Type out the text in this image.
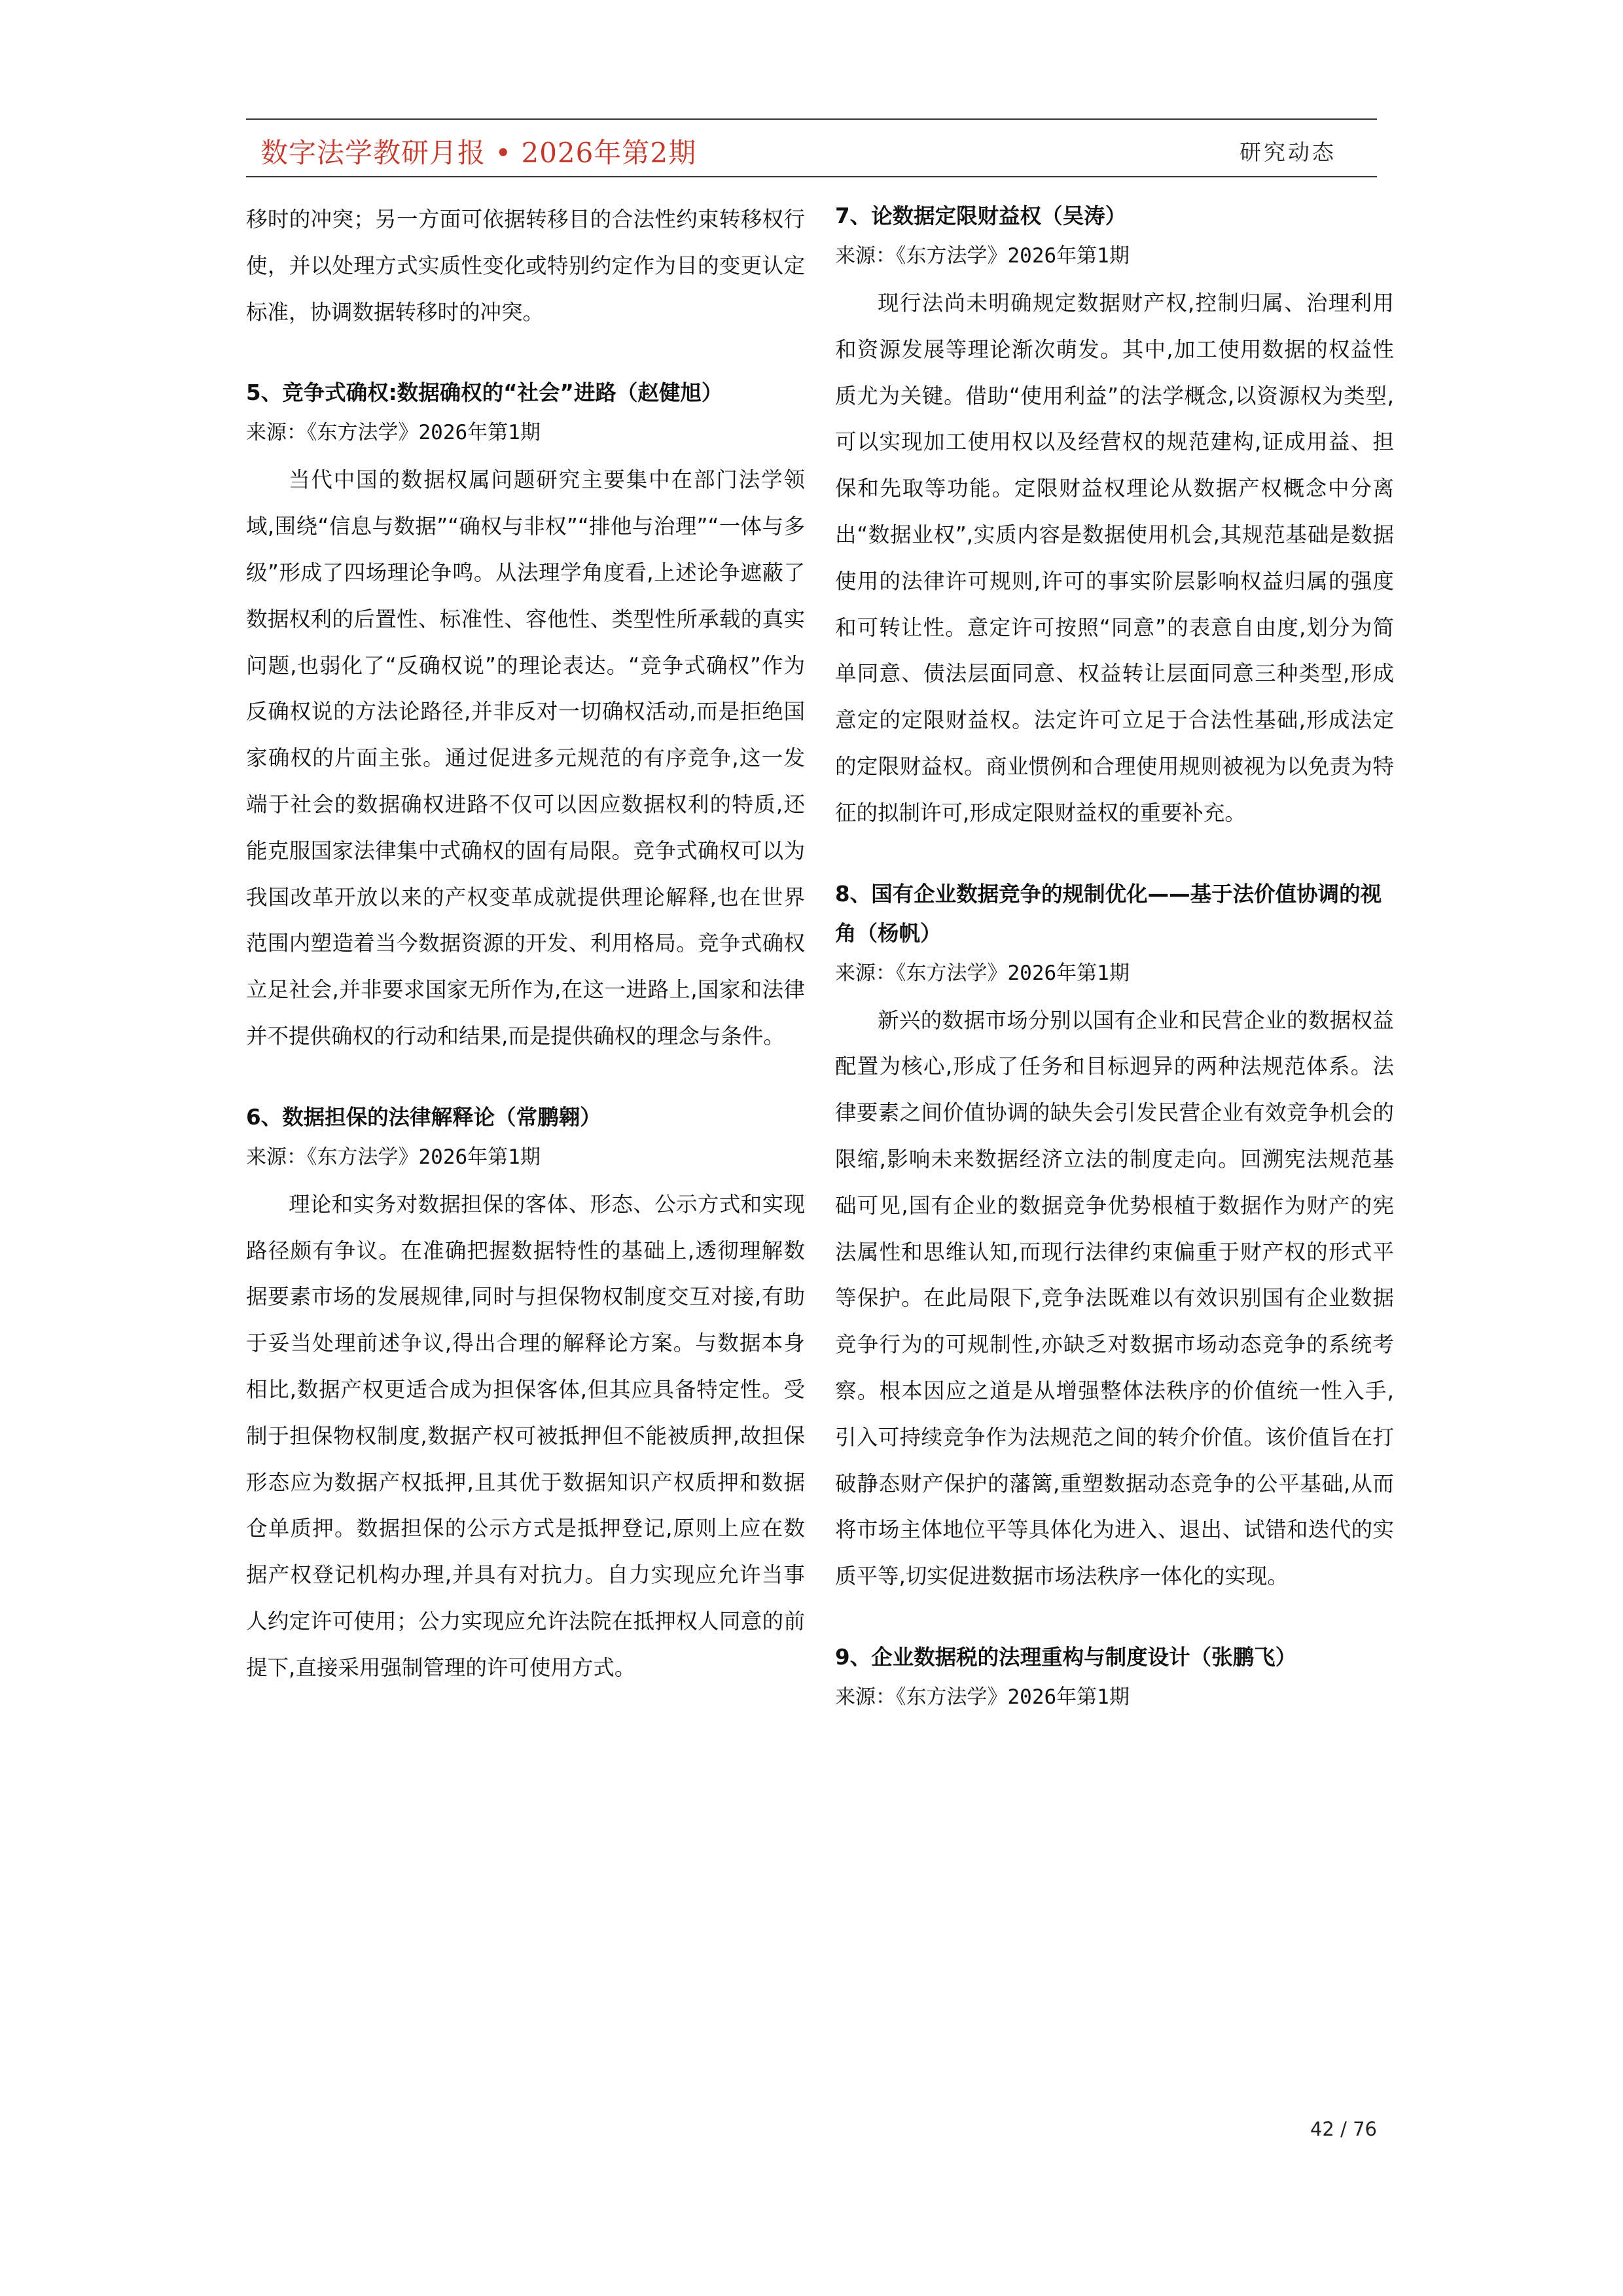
数字法学教研月报 • 2026年第2期	研究动态

移时的冲突；另一方面可依据转移目的合法性约束转移权行使，并以处理方式实质性变化或特别约定作为目的变更认定标准，协调数据转移时的冲突。

5、竞争式确权:数据确权的“社会”进路（赵健旭）

来源：《东方法学》2026年第1期

当代中国的数据权属问题研究主要集中在部门法学领域,围绕“信息与数据”“确权与非权”“排他与治理”“一体与多级”形成了四场理论争鸣。从法理学角度看,上述论争遮蔽了数据权利的后置性、标准性、容他性、类型性所承载的真实问题,也弱化了“反确权说”的理论表达。“竞争式确权”作为反确权说的方法论路径,并非反对一切确权活动,而是拒绝国家确权的片面主张。通过促进多元规范的有序竞争,这一发端于社会的数据确权进路不仅可以因应数据权利的特质,还能克服国家法律集中式确权的固有局限。竞争式确权可以为我国改革开放以来的产权变革成就提供理论解释,也在世界范围内塑造着当今数据资源的开发、利用格局。竞争式确权立足社会,并非要求国家无所作为,在这一进路上,国家和法律并不提供确权的行动和结果,而是提供确权的理念与条件。

6、数据担保的法律解释论（常鹏翱）

来源：《东方法学》2026年第1期

理论和实务对数据担保的客体、形态、公示方式和实现路径颇有争议。在准确把握数据特性的基础上,透彻理解数据要素市场的发展规律,同时与担保物权制度交互对接,有助于妥当处理前述争议,得出合理的解释论方案。与数据本身相比,数据产权更适合成为担保客体,但其应具备特定性。受制于担保物权制度,数据产权可被抵押但不能被质押,故担保形态应为数据产权抵押,且其优于数据知识产权质押和数据仓单质押。数据担保的公示方式是抵押登记,原则上应在数据产权登记机构办理,并具有对抗力。自力实现应允许当事人约定许可使用；公力实现应允许法院在抵押权人同意的前提下,直接采用强制管理的许可使用方式。

7、论数据定限财益权（吴涛）

来源：《东方法学》2026年第1期

现行法尚未明确规定数据财产权,控制归属、治理利用和资源发展等理论渐次萌发。其中,加工使用数据的权益性质尤为关键。借助“使用利益”的法学概念,以资源权为类型,可以实现加工使用权以及经营权的规范建构,证成用益、担保和先取等功能。定限财益权理论从数据产权概念中分离出“数据业权”,实质内容是数据使用机会,其规范基础是数据使用的法律许可规则,许可的事实阶层影响权益归属的强度和可转让性。意定许可按照“同意”的表意自由度,划分为简单同意、债法层面同意、权益转让层面同意三种类型,形成意定的定限财益权。法定许可立足于合法性基础,形成法定的定限财益权。商业惯例和合理使用规则被视为以免责为特征的拟制许可,形成定限财益权的重要补充。

8、国有企业数据竞争的规制优化——基于法价值协调的视角（杨帆）

来源：《东方法学》2026年第1期

新兴的数据市场分别以国有企业和民营企业的数据权益配置为核心,形成了任务和目标迥异的两种法规范体系。法律要素之间价值协调的缺失会引发民营企业有效竞争机会的限缩,影响未来数据经济立法的制度走向。回溯宪法规范基础可见,国有企业的数据竞争优势根植于数据作为财产的宪法属性和思维认知,而现行法律约束偏重于财产权的形式平等保护。在此局限下,竞争法既难以有效识别国有企业数据竞争行为的可规制性,亦缺乏对数据市场动态竞争的系统考察。根本因应之道是从增强整体法秩序的价值统一性入手,引入可持续竞争作为法规范之间的转介价值。该价值旨在打破静态财产保护的藩篱,重塑数据动态竞争的公平基础,从而将市场主体地位平等具体化为进入、退出、试错和迭代的实质平等,切实促进数据市场法秩序一体化的实现。

9、企业数据税的法理重构与制度设计（张鹏飞）

来源：《东方法学》2026年第1期

42 / 76
